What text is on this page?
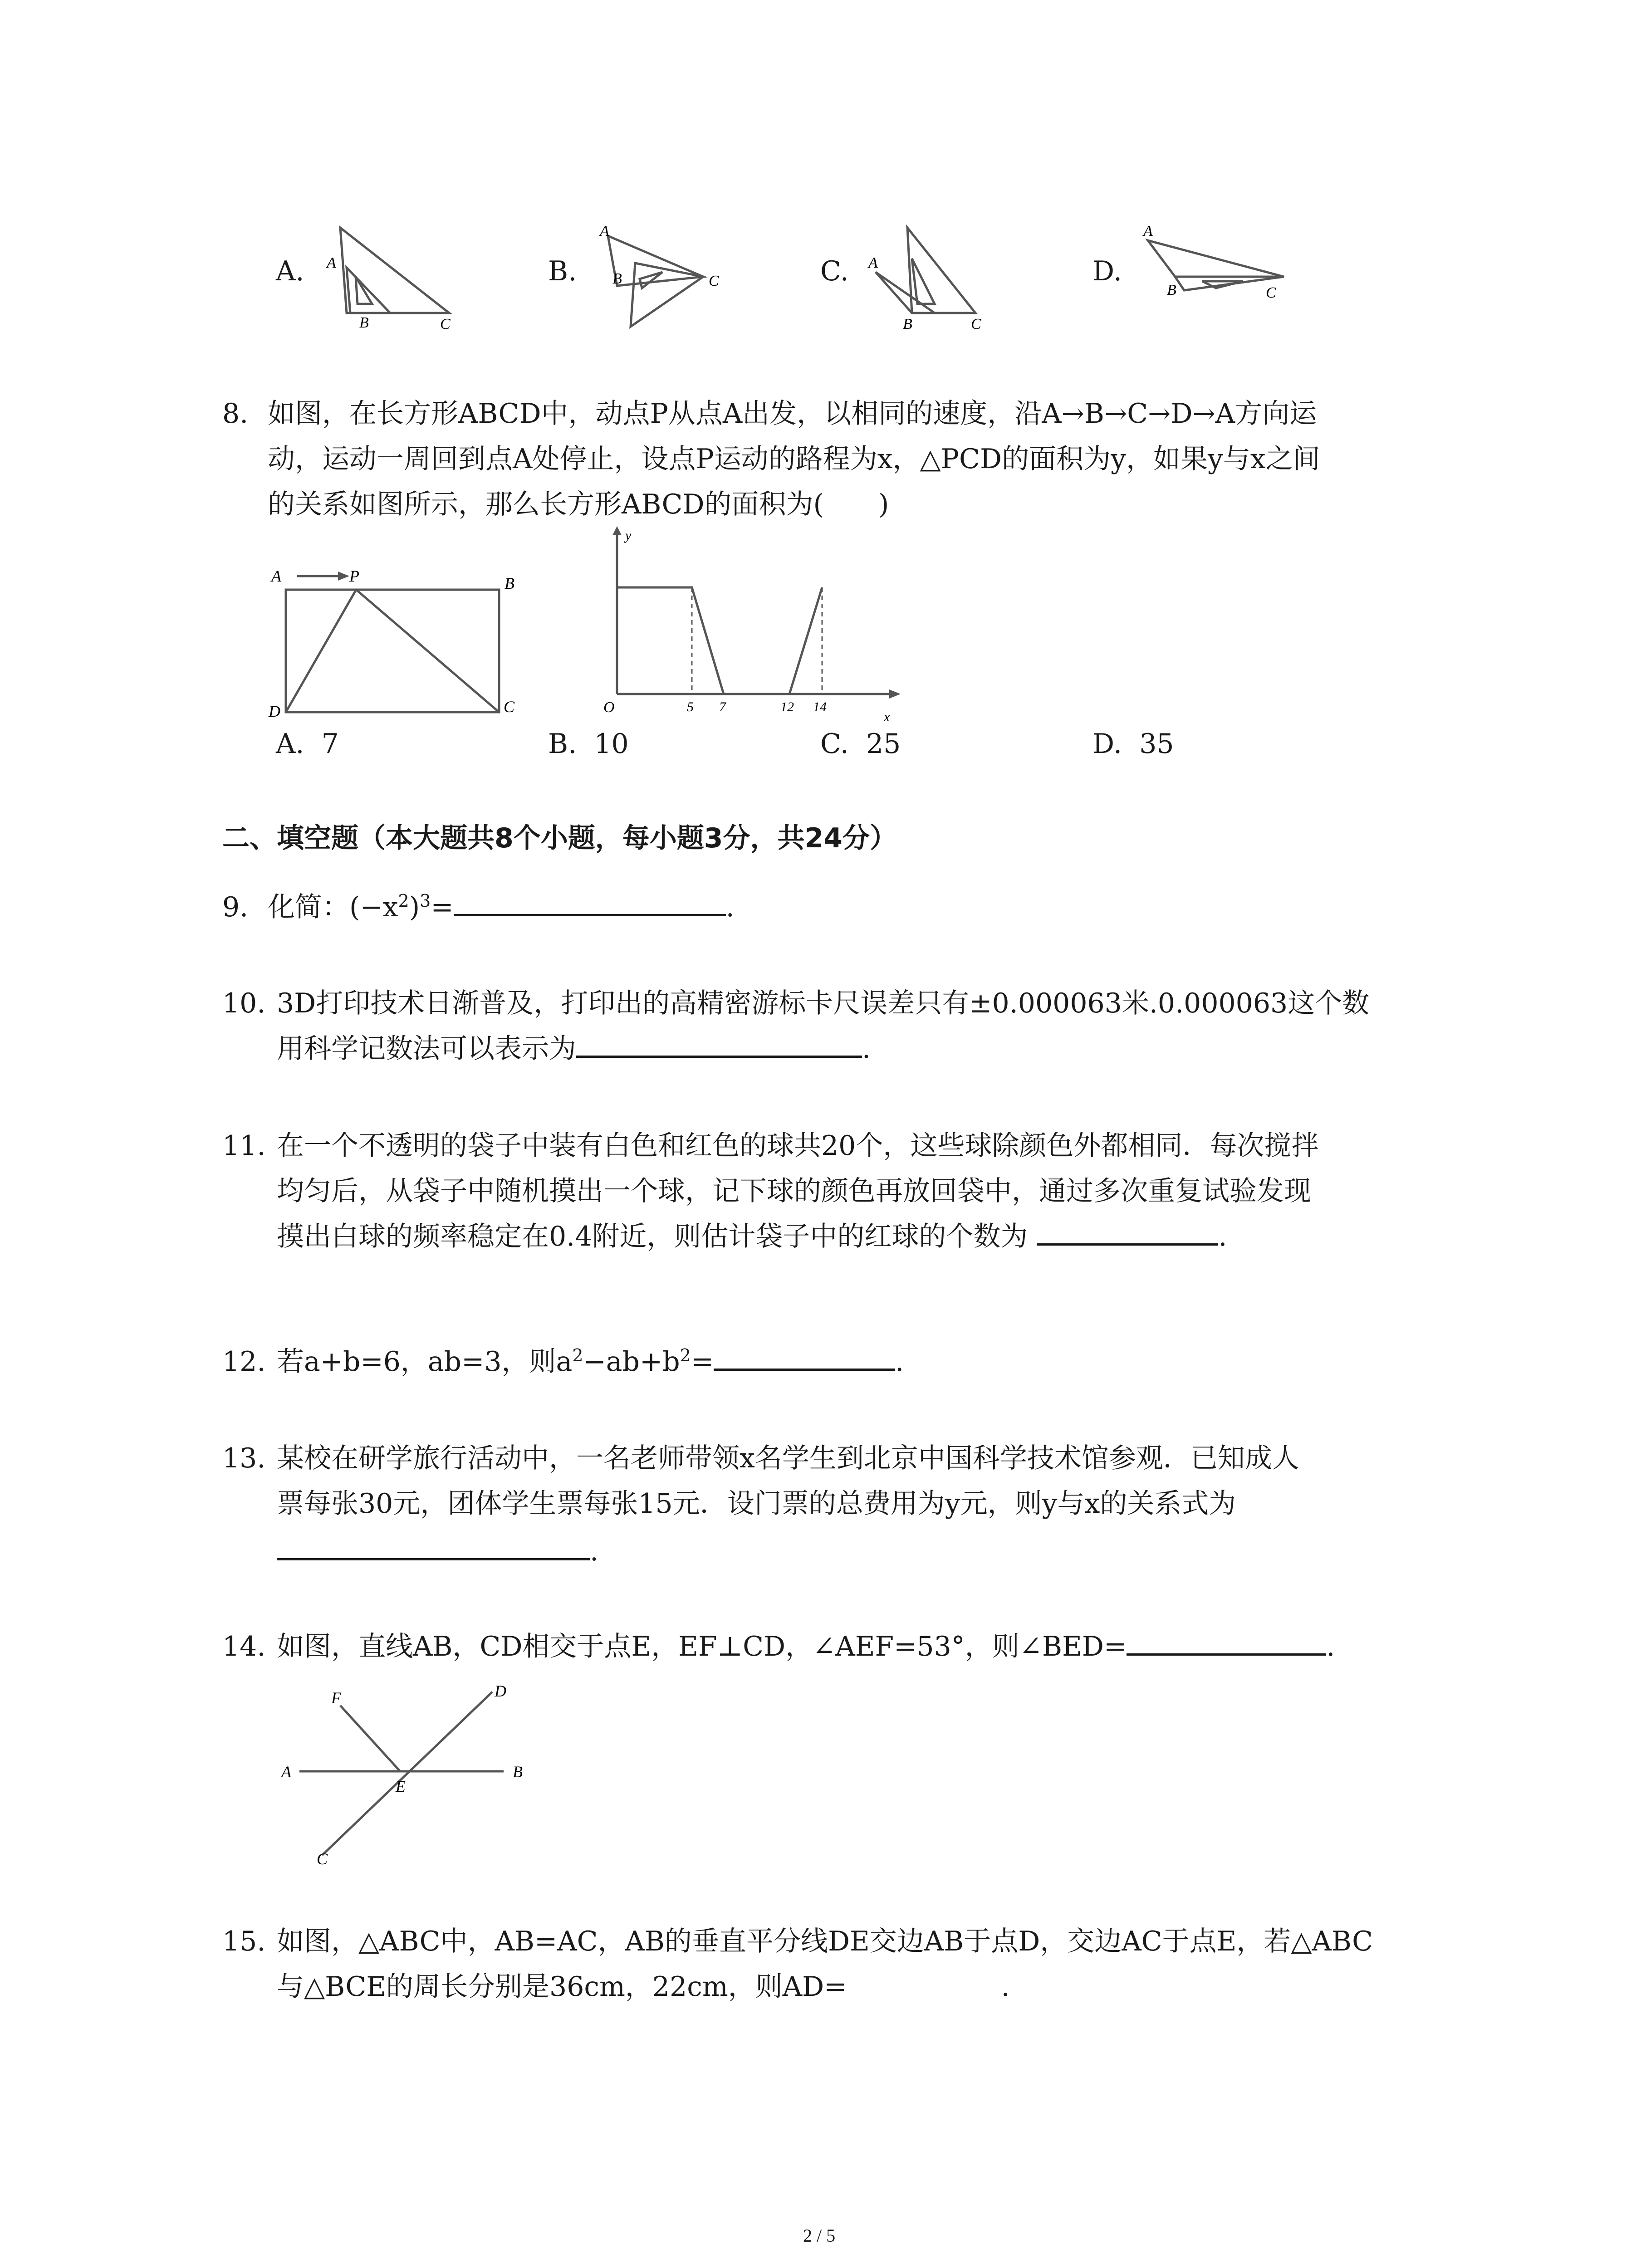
A. A
B	C
B.
A
B	C	C. A
B	C
D.
A
B	C
8. 如图，在长方形ABCD中，动点P从点A出发，以相同的速度，沿A→B→C→D→A方向运
动，运动一周回到点A处停止，设点P运动的路程为x，△PCD的面积为y，如果y与x之间
的关系如图所示，那么长方形ABCD的面积为(　　)
A	P	B
C
D
y
O	5 7	12 14
x
A. 7	B. 10	C. 25	D. 35
二、填空题（本大题共8个小题，每小题3分，共24分）
9. 化简：$(-x^2)^3=$	.
10. 3D打印技术日渐普及，打印出的高精密游标卡尺误差只有±0.000063米.0.000063这个数
用科学记数法可以表示为	.
11. 在一个不透明的袋子中装有白色和红色的球共20个，这些球除颜色外都相同．每次搅拌
均匀后，从袋子中随机摸出一个球，记下球的颜色再放回袋中，通过多次重复试验发现
摸出白球的频率稳定在0.4附近，则估计袋子中的红球的个数为	.
12. 若a+b=6，ab=3，则$a^2-ab+b^2=$	.
13. 某校在研学旅行活动中，一名老师带领x名学生到北京中国科学技术馆参观．已知成人
票每张30元，团体学生票每张15元．设门票的总费用为y元，则y与x的关系式为
.
14. 如图，直线AB，CD相交于点E，EF⊥CD，∠AEF=53°，则∠BED=	.
F	D
A
E
B
C
15. 如图，△ABC中，AB=AC，AB的垂直平分线DE交边AB于点D，交边AC于点E，若△ABC
与△BCE的周长分别是36cm，22cm，则AD=	.
2 / 5
